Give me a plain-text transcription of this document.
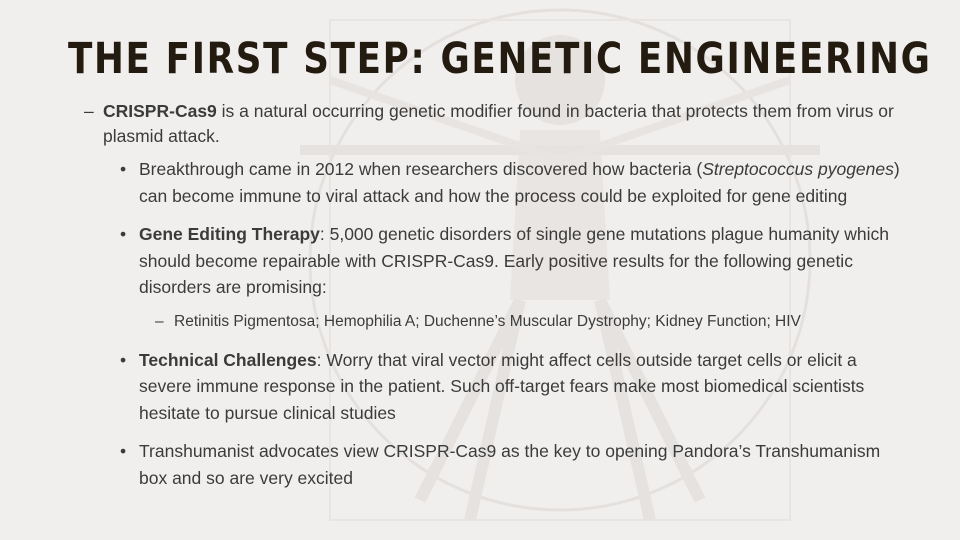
THE FIRST STEP: GENETIC ENGINEERING
– CRISPR-Cas9 is a natural occurring genetic modifier found in bacteria that protects them from virus or plasmid attack.
• Breakthrough came in 2012 when researchers discovered how bacteria (Streptococcus pyogenes) can become immune to viral attack and how the process could be exploited for gene editing
• Gene Editing Therapy: 5,000 genetic disorders of single gene mutations plague humanity which should become repairable with CRISPR-Cas9. Early positive results for the following genetic disorders are promising:
– Retinitis Pigmentosa; Hemophilia A; Duchenne’s Muscular Dystrophy; Kidney Function; HIV
• Technical Challenges: Worry that viral vector might affect cells outside target cells or elicit a severe immune response in the patient. Such off-target fears make most biomedical scientists hesitate to pursue clinical studies
• Transhumanist advocates view CRISPR-Cas9 as the key to opening Pandora’s Transhumanism box and so are very excited
